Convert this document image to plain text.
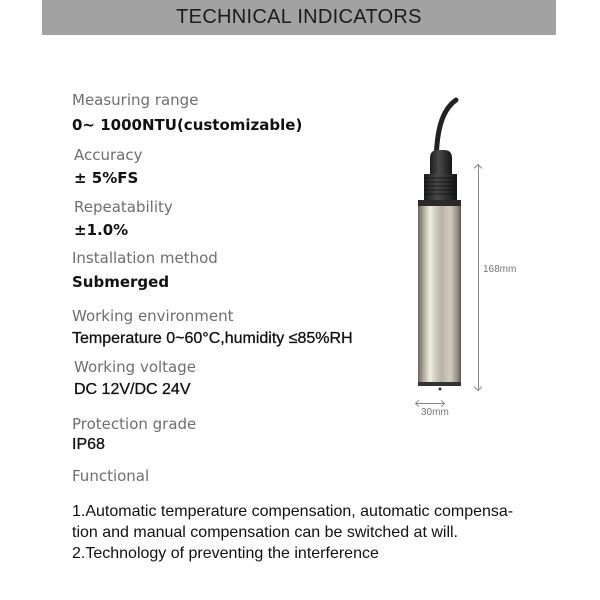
TECHNICAL INDICATORS
Measuring range
0~ 1000NTU(customizable)
Accuracy
± 5%FS
Repeatability
±1.0%
Installation method
Submerged
Working environment
Temperature 0~60°C,humidity ≤85%RH
Working voltage
DC 12V/DC 24V
Protection grade
IP68
Functional
1.Automatic temperature compensation, automatic compensa-
tion and manual compensation can be switched at will.
2.Technology of preventing the interference
168mm
30mm
